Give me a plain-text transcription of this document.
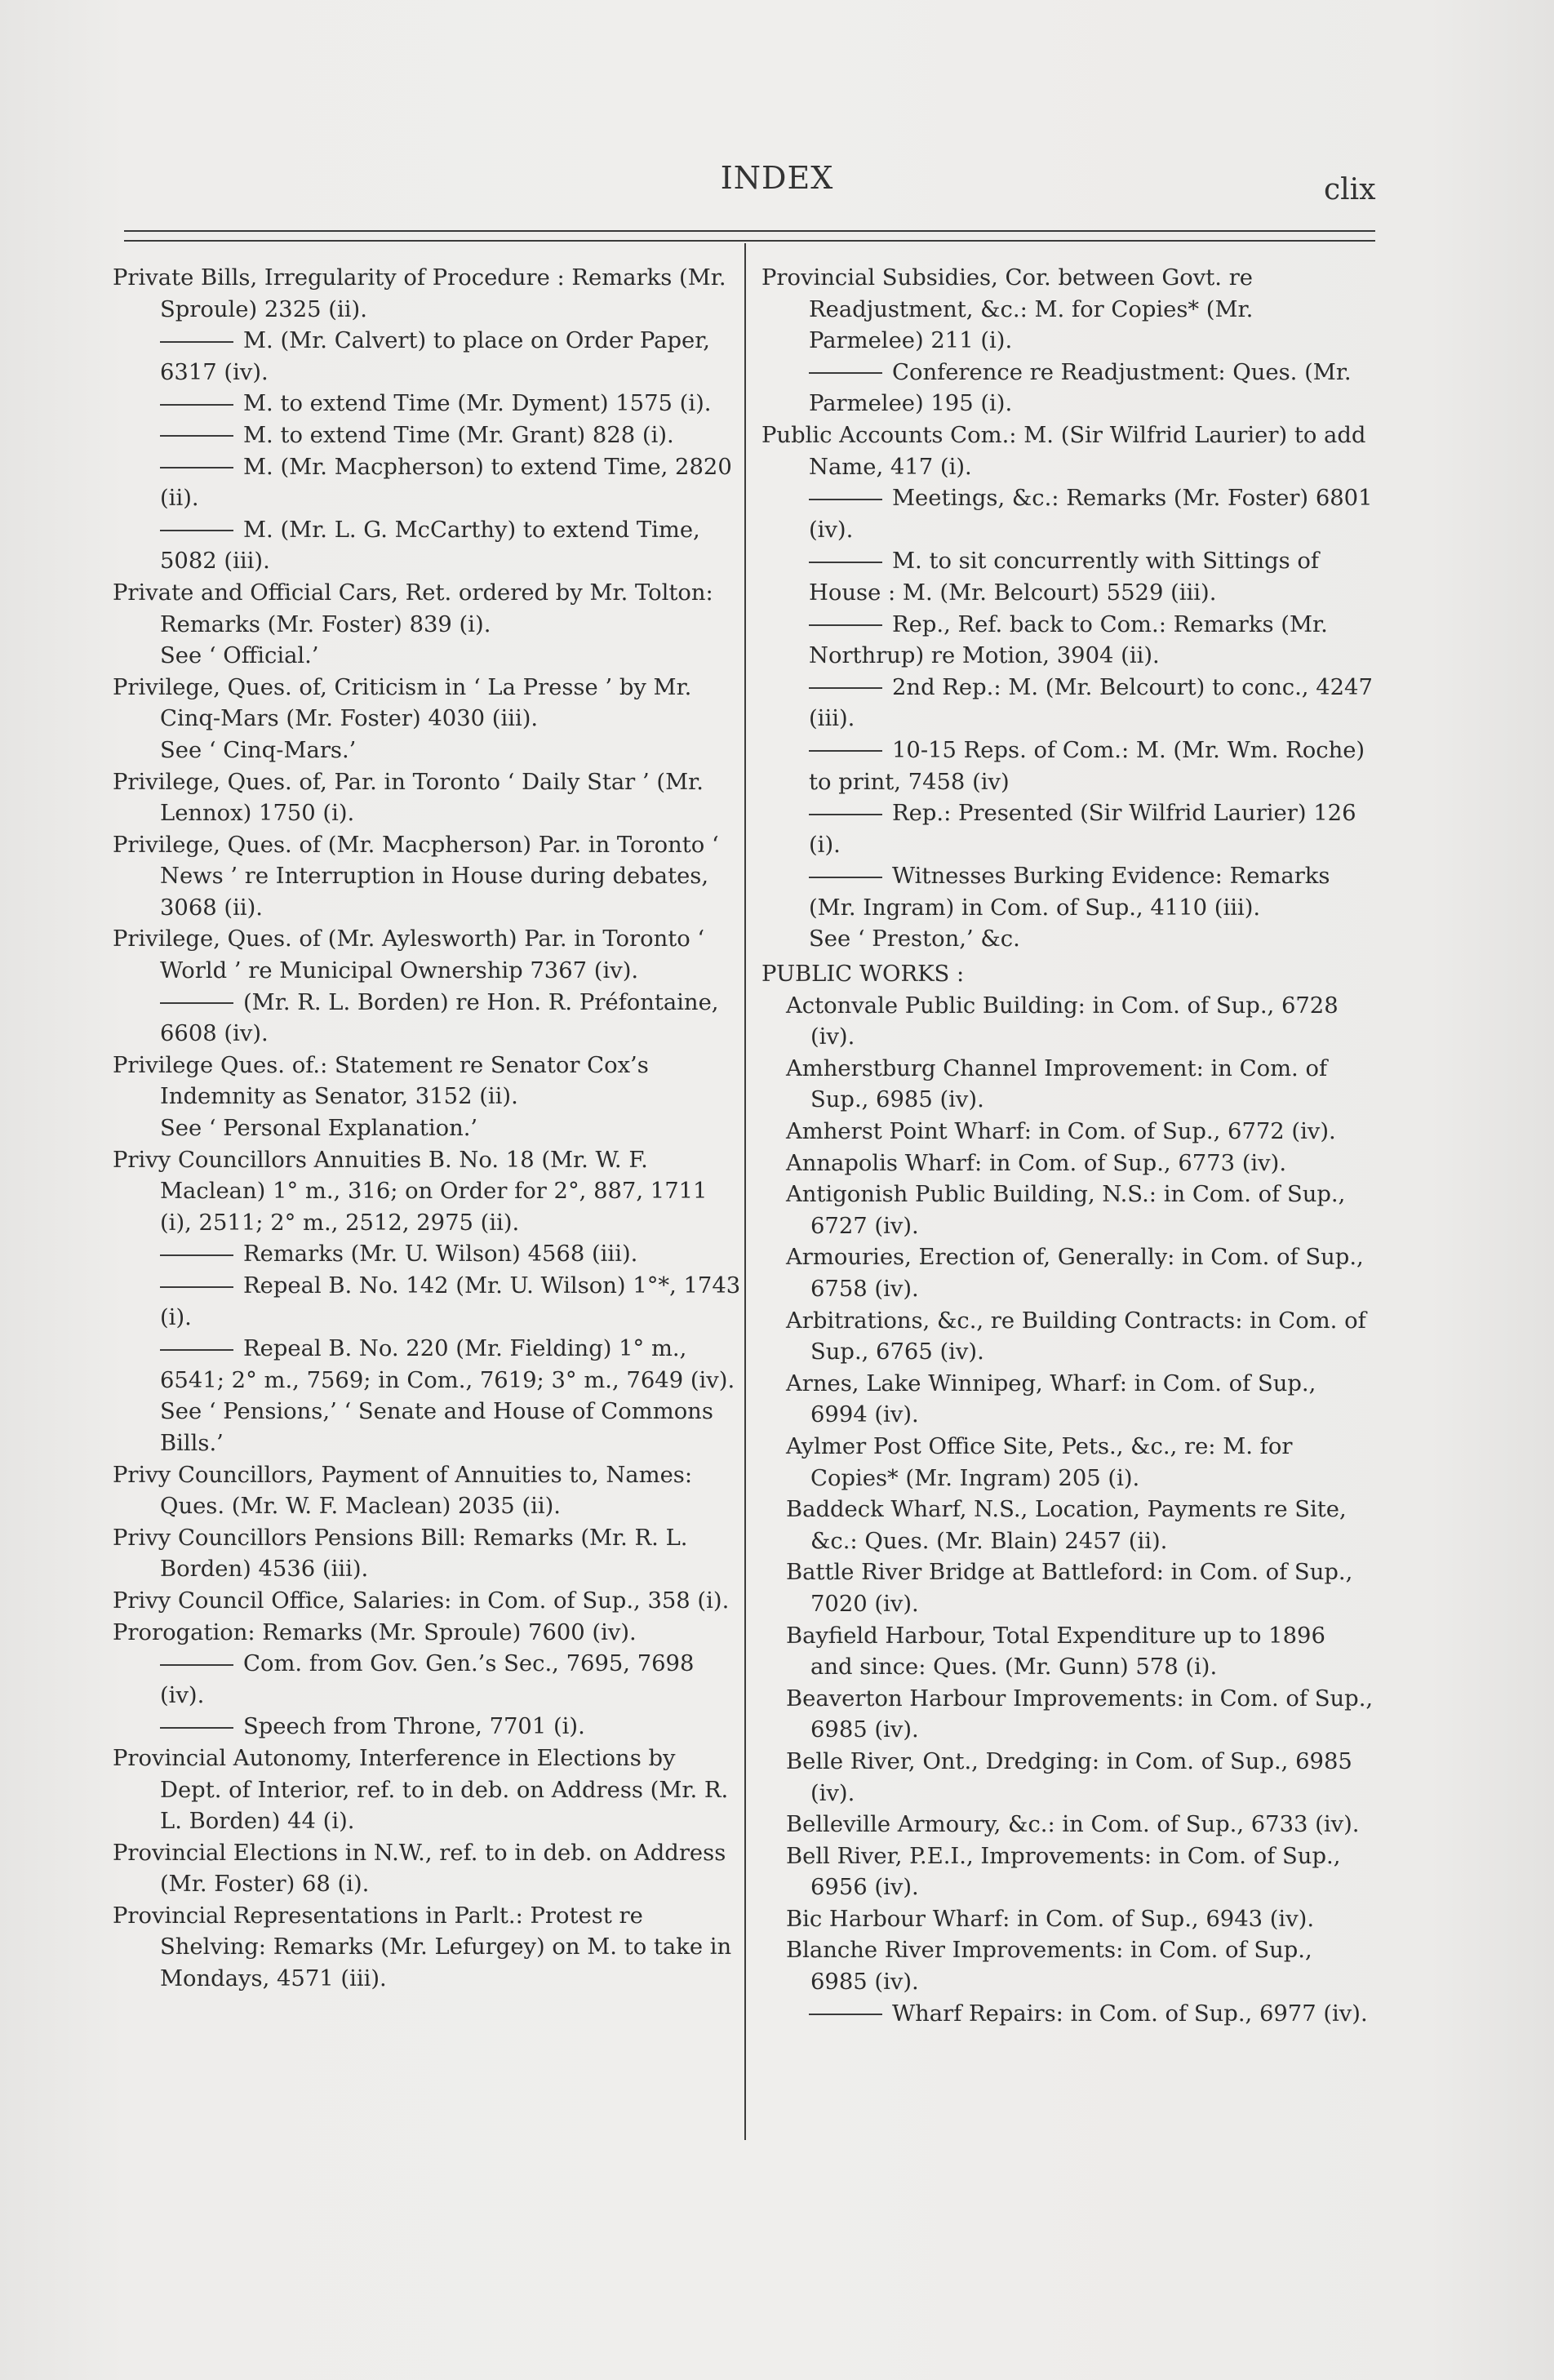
INDEX	clix

Private Bills, Irregularity of Procedure : Remarks (Mr. Sproule) 2325 (ii).

M. (Mr. Calvert) to place on Order Paper, 6317 (iv).

M. to extend Time (Mr. Dyment) 1575 (i).

M. to extend Time (Mr. Grant) 828 (i).

M. (Mr. Macpherson) to extend Time, 2820 (ii).

M. (Mr. L. G. McCarthy) to extend Time, 5082 (iii).

Private and Official Cars, Ret. ordered by Mr. Tolton: Remarks (Mr. Foster) 839 (i).

See ‘ Official.’

Privilege, Ques. of, Criticism in ‘ La Presse ’ by Mr. Cinq-Mars (Mr. Foster) 4030 (iii).

See ‘ Cinq-Mars.’

Privilege, Ques. of, Par. in Toronto ‘ Daily Star ’ (Mr. Lennox) 1750 (i).

Privilege, Ques. of (Mr. Macpherson) Par. in Toronto ‘ News ’ re Interruption in House during debates, 3068 (ii).

Privilege, Ques. of (Mr. Aylesworth) Par. in Toronto ‘ World ’ re Municipal Ownership 7367 (iv).

(Mr. R. L. Borden) re Hon. R. Préfontaine, 6608 (iv).

Privilege Ques. of.: Statement re Senator Cox’s Indemnity as Senator, 3152 (ii).

See ‘ Personal Explanation.’

Privy Councillors Annuities B. No. 18 (Mr. W. F. Maclean) 1° m., 316; on Order for 2°, 887, 1711 (i), 2511; 2° m., 2512, 2975 (ii).

Remarks (Mr. U. Wilson) 4568 (iii).

Repeal B. No. 142 (Mr. U. Wilson) 1°*, 1743 (i).

Repeal B. No. 220 (Mr. Fielding) 1° m., 6541; 2° m., 7569; in Com., 7619; 3° m., 7649 (iv).

See ‘ Pensions,’ ‘ Senate and House of Commons Bills.’

Privy Councillors, Payment of Annuities to, Names: Ques. (Mr. W. F. Maclean) 2035 (ii).

Privy Councillors Pensions Bill: Remarks (Mr. R. L. Borden) 4536 (iii).

Privy Council Office, Salaries: in Com. of Sup., 358 (i).

Prorogation: Remarks (Mr. Sproule) 7600 (iv).

Com. from Gov. Gen.’s Sec., 7695, 7698 (iv).

Speech from Throne, 7701 (i).

Provincial Autonomy, Interference in Elections by Dept. of Interior, ref. to in deb. on Address (Mr. R. L. Borden) 44 (i).

Provincial Elections in N.W., ref. to in deb. on Address (Mr. Foster) 68 (i).

Provincial Representations in Parlt.: Protest re Shelving: Remarks (Mr. Lefurgey) on M. to take in Mondays, 4571 (iii).

Provincial Subsidies, Cor. between Govt. re Readjustment, &c.: M. for Copies* (Mr. Parmelee) 211 (i).

Conference re Readjustment: Ques. (Mr. Parmelee) 195 (i).

Public Accounts Com.: M. (Sir Wilfrid Laurier) to add Name, 417 (i).

Meetings, &c.: Remarks (Mr. Foster) 6801 (iv).

M. to sit concurrently with Sittings of House : M. (Mr. Belcourt) 5529 (iii).

Rep., Ref. back to Com.: Remarks (Mr. Northrup) re Motion, 3904 (ii).

2nd Rep.: M. (Mr. Belcourt) to conc., 4247 (iii).

10-15 Reps. of Com.: M. (Mr. Wm. Roche) to print, 7458 (iv)

Rep.: Presented (Sir Wilfrid Laurier) 126 (i).

Witnesses Burking Evidence: Remarks (Mr. Ingram) in Com. of Sup., 4110 (iii).

See ‘ Preston,’ &c.

PUBLIC WORKS :

Actonvale Public Building: in Com. of Sup., 6728 (iv).

Amherstburg Channel Improvement: in Com. of Sup., 6985 (iv).

Amherst Point Wharf: in Com. of Sup., 6772 (iv).

Annapolis Wharf: in Com. of Sup., 6773 (iv).

Antigonish Public Building, N.S.: in Com. of Sup., 6727 (iv).

Armouries, Erection of, Generally: in Com. of Sup., 6758 (iv).

Arbitrations, &c., re Building Contracts: in Com. of Sup., 6765 (iv).

Arnes, Lake Winnipeg, Wharf: in Com. of Sup., 6994 (iv).

Aylmer Post Office Site, Pets., &c., re: M. for Copies* (Mr. Ingram) 205 (i).

Baddeck Wharf, N.S., Location, Payments re Site, &c.: Ques. (Mr. Blain) 2457 (ii).

Battle River Bridge at Battleford: in Com. of Sup., 7020 (iv).

Bayfield Harbour, Total Expenditure up to 1896 and since: Ques. (Mr. Gunn) 578 (i).

Beaverton Harbour Improvements: in Com. of Sup., 6985 (iv).

Belle River, Ont., Dredging: in Com. of Sup., 6985 (iv).

Belleville Armoury, &c.: in Com. of Sup., 6733 (iv).

Bell River, P.E.I., Improvements: in Com. of Sup., 6956 (iv).

Bic Harbour Wharf: in Com. of Sup., 6943 (iv).

Blanche River Improvements: in Com. of Sup., 6985 (iv).

Wharf Repairs: in Com. of Sup., 6977 (iv).
